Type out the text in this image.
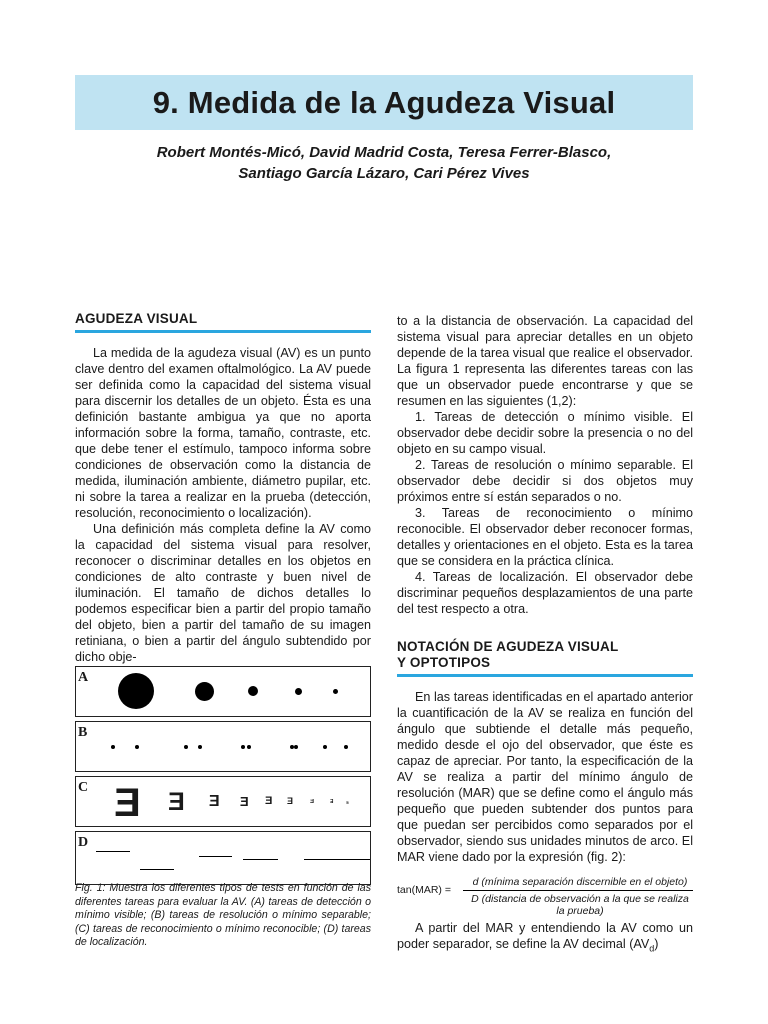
9. Medida de la Agudeza Visual
Robert Montés-Micó, David Madrid Costa, Teresa Ferrer-Blasco,
Santiago García Lázaro, Cari Pérez Vives
AGUDEZA VISUAL

La medida de la agudeza visual (AV) es un punto clave dentro del examen oftalmológico. La AV puede ser definida como la capacidad del sistema visual para discernir los detalles de un objeto. Ésta es una definición bastante ambigua ya que no aporta información sobre la forma, tamaño, contraste, etc. que debe tener el estímulo, tampoco informa sobre condiciones de observación como la distancia de medida, iluminación ambiente, diámetro pupilar, etc. ni sobre la tarea a realizar en la prueba (detección, resolución, reconocimiento o localización).

Una definición más completa define la AV como la capacidad del sistema visual para resolver, reconocer o discriminar detalles en los objetos en condiciones de alto contraste y buen nivel de iluminación. El tamaño de dichos detalles lo podemos especificar bien a partir del propio tamaño del objeto, bien a partir del tamaño de su imagen retiniana, o bien a partir del ángulo subtendido por dicho obje-

A
B
C E E E E E E	E	E	E
D
Fig. 1: Muestra los diferentes tipos de tests en función de las diferentes tareas para evaluar la AV. (A) tareas de detección o mínimo visible; (B) tareas de resolución o mínimo separable; (C) tareas de reconocimiento o mínimo reconocible; (D) tareas de localización.

to a la distancia de observación. La capacidad del sistema visual para apreciar detalles en un objeto depende de la tarea visual que realice el observador. La figura 1 representa las diferentes tareas con las que un observador puede encontrarse y que se resumen en las siguientes (1,2):

1. Tareas de detección o mínimo visible. El observador debe decidir sobre la presencia o no del objeto en su campo visual.

2. Tareas de resolución o mínimo separable. El observador debe decidir si dos objetos muy próximos entre sí están separados o no.

3. Tareas de reconocimiento o mínimo reconocible. El observador deber reconocer formas, detalles y orientaciones en el objeto. Esta es la tarea que se considera en la práctica clínica.

4. Tareas de localización. El observador debe discriminar pequeños desplazamientos de una parte del test respecto a otra.

NOTACIÓN DE AGUDEZA VISUAL
Y OPTOTIPOS

En las tareas identificadas en el apartado anterior la cuantificación de la AV se realiza en función del ángulo que subtiende el detalle más pequeño, medido desde el ojo del observador, que éste es capaz de apreciar. Por tanto, la especificación de la AV se realiza a partir del mínimo ángulo de resolución (MAR) que se define como el ángulo más pequeño que pueden subtender dos puntos para que puedan ser percibidos como separados por el observador, siendo sus unidades minutos de arco. El MAR viene dado por la expresión (fig. 2):

tan(MAR) =
d (mínima separación discernible en el objeto)
D (distancia de observación a la que se realiza la prueba)

A partir del MAR y entendiendo la AV como un poder separador, se define la AV decimal $(AV_d)$
